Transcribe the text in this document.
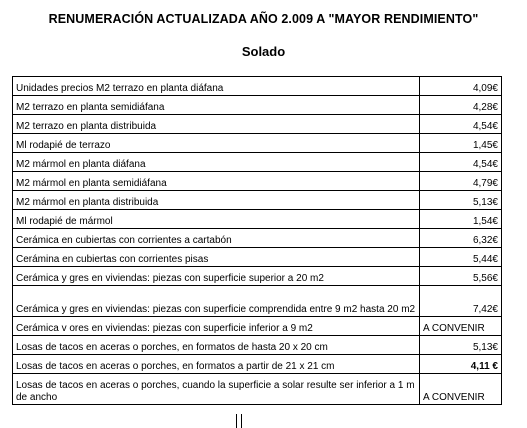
RENUMERACIÓN ACTUALIZADA AÑO 2.009 A "MAYOR RENDIMIENTO"
Solado
Unidades precios M2 terrazo en planta diáfana	4,09€
M2 terrazo en planta semidiáfana	4,28€
M2 terrazo en planta distribuida	4,54€
Ml rodapié de terrazo	1,45€
M2 mármol en planta diáfana	4,54€
M2 mármol en planta semidiáfana	4,79€
M2 mármol en planta distribuida	5,13€
Ml rodapié de mármol	1,54€
Cerámica en cubiertas con corrientes a cartabón	6,32€
Cerámina en cubiertas con corrientes pisas	5,44€
Cerámica y gres en viviendas: piezas con superficie superior a 20 m2	5,56€
Cerámica y gres en viviendas: piezas con superficie comprendida entre 9 m2 hasta 20 m2	7,42€
Cerámica v ores en viviendas: piezas con superficie inferior a 9 m2	A CONVENIR
Losas de tacos en aceras o porches, en formatos de hasta 20 x 20 cm	5,13€
Losas de tacos en aceras o porches, en formatos a partir de 21 x 21 cm	4,11 €
Losas de tacos en aceras o porches, cuando la superficie a solar resulte ser inferior a 1 m de ancho	A CONVENIR
